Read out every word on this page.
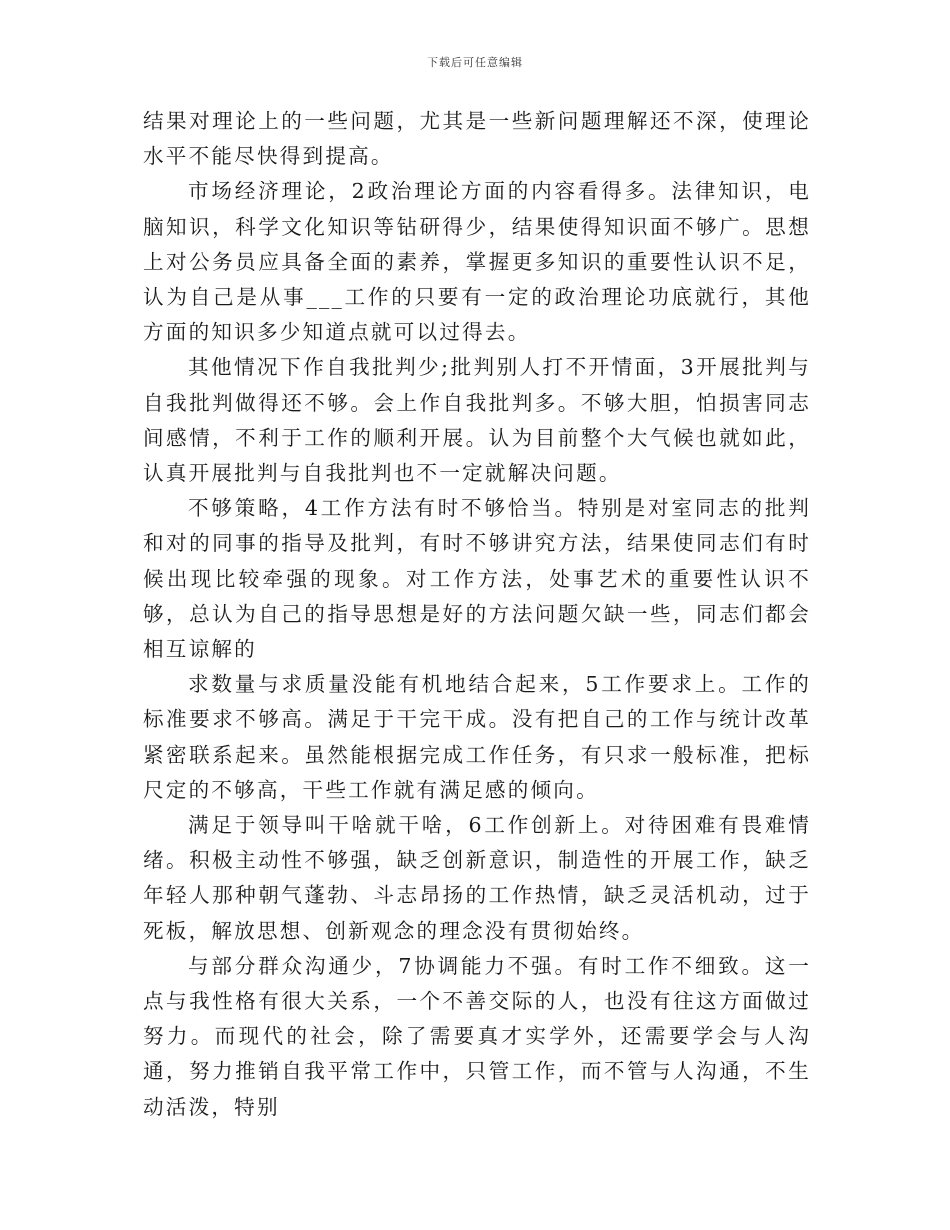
下载后可任意编辑

结果对理论上的一些问题，尤其是一些新问题理解还不深，使理论水平不能尽快得到提高。

市场经济理论，2政治理论方面的内容看得多。法律知识，电脑知识，科学文化知识等钻研得少，结果使得知识面不够广。思想上对公务员应具备全面的素养，掌握更多知识的重要性认识不足，认为自己是从事___工作的只要有一定的政治理论功底就行，其他方面的知识多少知道点就可以过得去。

其他情况下作自我批判少;批判别人打不开情面，3开展批判与自我批判做得还不够。会上作自我批判多。不够大胆，怕损害同志间感情，不利于工作的顺利开展。认为目前整个大气候也就如此，认真开展批判与自我批判也不一定就解决问题。

不够策略，4工作方法有时不够恰当。特别是对室同志的批判和对的同事的指导及批判，有时不够讲究方法，结果使同志们有时候出现比较牵强的现象。对工作方法，处事艺术的重要性认识不够，总认为自己的指导思想是好的方法问题欠缺一些，同志们都会相互谅解的

求数量与求质量没能有机地结合起来，5工作要求上。工作的标准要求不够高。满足于干完干成。没有把自己的工作与统计改革紧密联系起来。虽然能根据完成工作任务，有只求一般标准，把标尺定的不够高，干些工作就有满足感的倾向。

满足于领导叫干啥就干啥，6工作创新上。对待困难有畏难情绪。积极主动性不够强，缺乏创新意识，制造性的开展工作，缺乏年轻人那种朝气蓬勃、斗志昂扬的工作热情，缺乏灵活机动，过于死板，解放思想、创新观念的理念没有贯彻始终。

与部分群众沟通少，7协调能力不强。有时工作不细致。这一点与我性格有很大关系，一个不善交际的人，也没有往这方面做过努力。而现代的社会，除了需要真才实学外，还需要学会与人沟通，努力推销自我平常工作中，只管工作，而不管与人沟通，不生动活泼，特别
